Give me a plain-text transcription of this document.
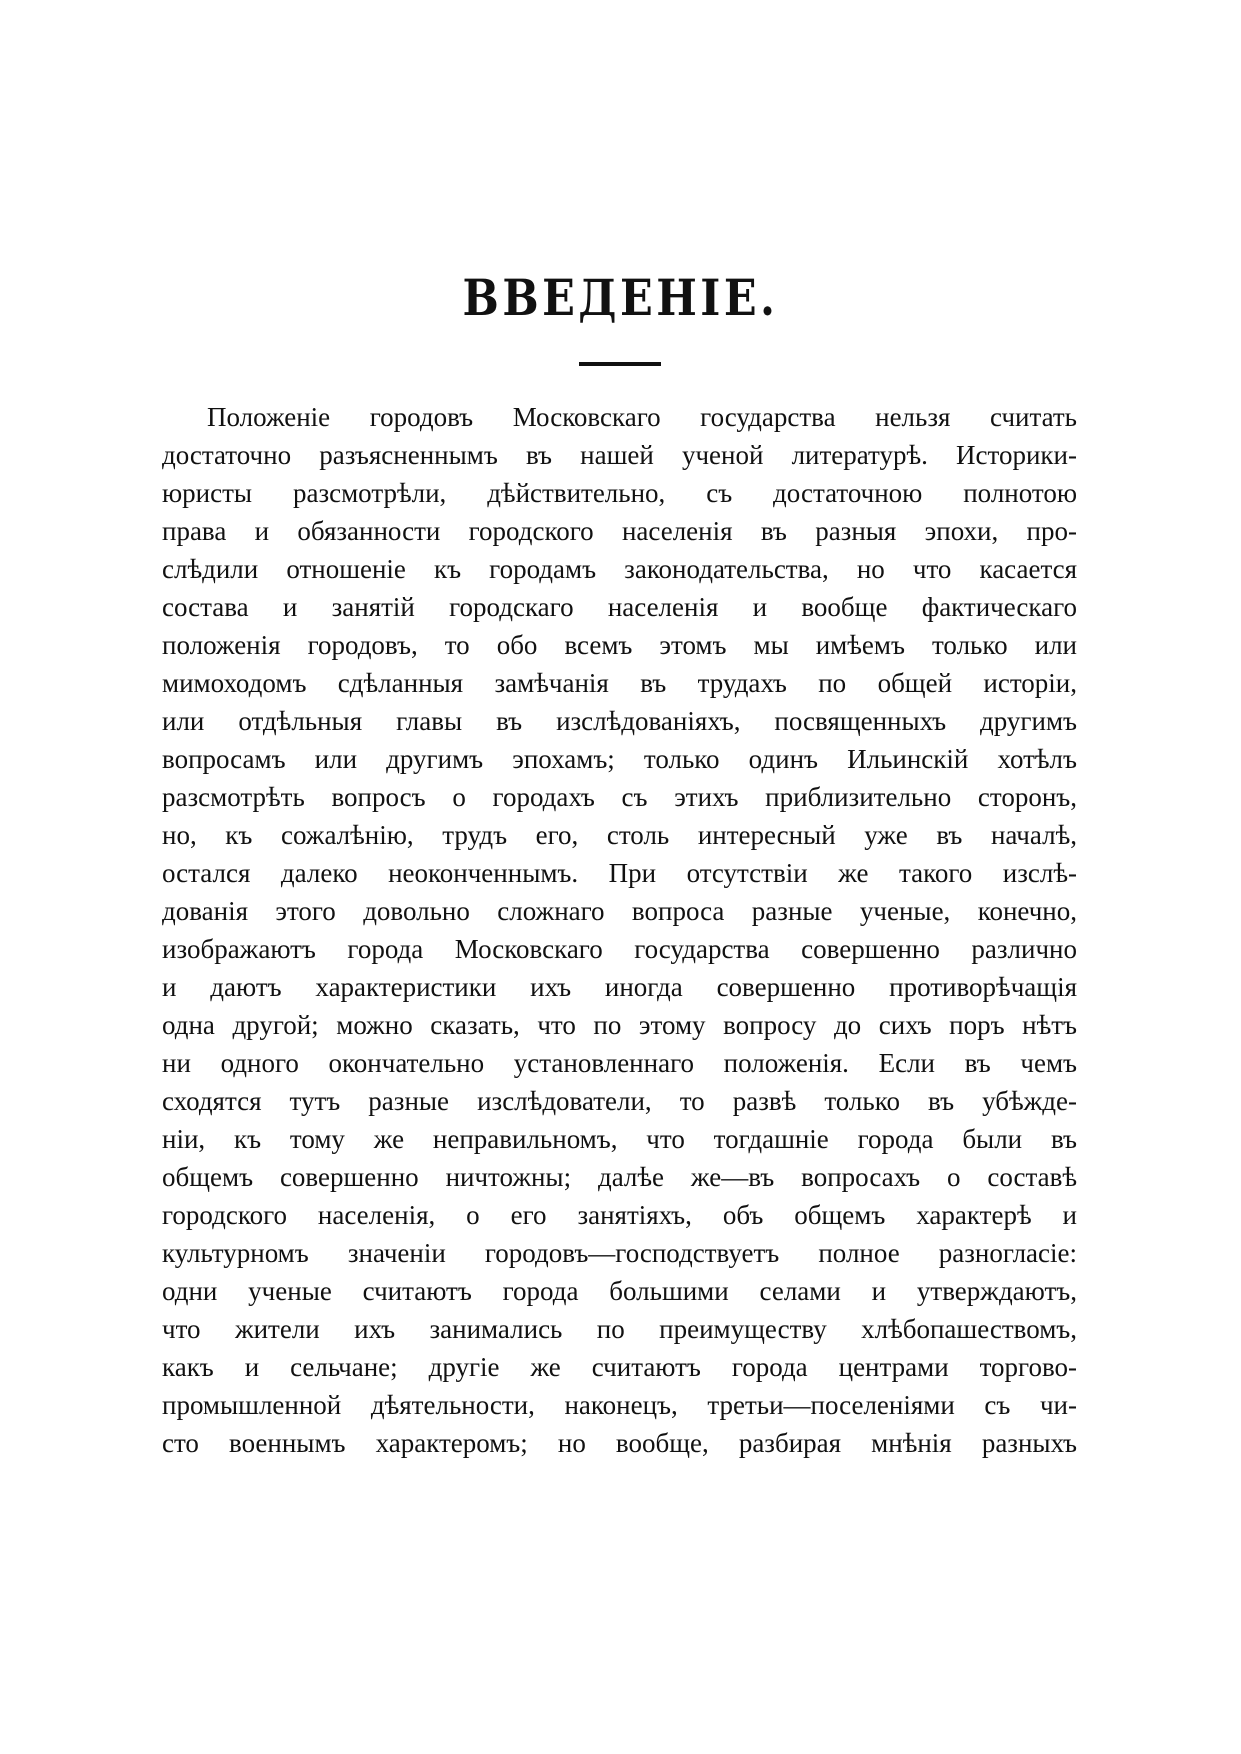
ВВЕДЕНІЕ.
Положеніе городовъ Московскаго государства нельзя считать
достаточно разъясненнымъ въ нашей ученой литературѣ. Историки-
юристы разсмотрѣли, дѣйствительно, съ достаточною полнотою
права и обязанности городского населенія въ разныя эпохи, про-
слѣдили отношеніе къ городамъ законодательства, но что касается
состава и занятій городскаго населенія и вообще фактическаго
положенія городовъ, то обо всемъ этомъ мы имѣемъ только или
мимоходомъ сдѣланныя замѣчанія въ трудахъ по общей исторіи,
или отдѣльныя главы въ изслѣдованіяхъ, посвященныхъ другимъ
вопросамъ или другимъ эпохамъ; только одинъ Ильинскій хотѣлъ
разсмотрѣть вопросъ о городахъ съ этихъ приблизительно сторонъ,
но, къ сожалѣнію, трудъ его, столь интересный уже въ началѣ,
остался далеко неоконченнымъ. При отсутствіи же такого изслѣ-
дованія этого довольно сложнаго вопроса разные ученые, конечно,
изображаютъ города Московскаго государства совершенно различно
и даютъ характеристики ихъ иногда совершенно противорѣчащія
одна другой; можно сказать, что по этому вопросу до сихъ поръ нѣтъ
ни одного окончательно установленнаго положенія. Если въ чемъ
сходятся тутъ разные изслѣдователи, то развѣ только въ убѣжде-
ніи, къ тому же неправильномъ, что тогдашніе города были въ
общемъ совершенно ничтожны; далѣе же—въ вопросахъ о составѣ
городского населенія, о его занятіяхъ, объ общемъ характерѣ и
культурномъ значеніи городовъ—господствуетъ полное разногласіе:
одни ученые считаютъ города большими селами и утверждаютъ,
что жители ихъ занимались по преимуществу хлѣбопашествомъ,
какъ и сельчане; другіе же считаютъ города центрами торгово-
промышленной дѣятельности, наконецъ, третьи—поселеніями съ чи-
сто военнымъ характеромъ; но вообще, разбирая мнѣнія разныхъ
